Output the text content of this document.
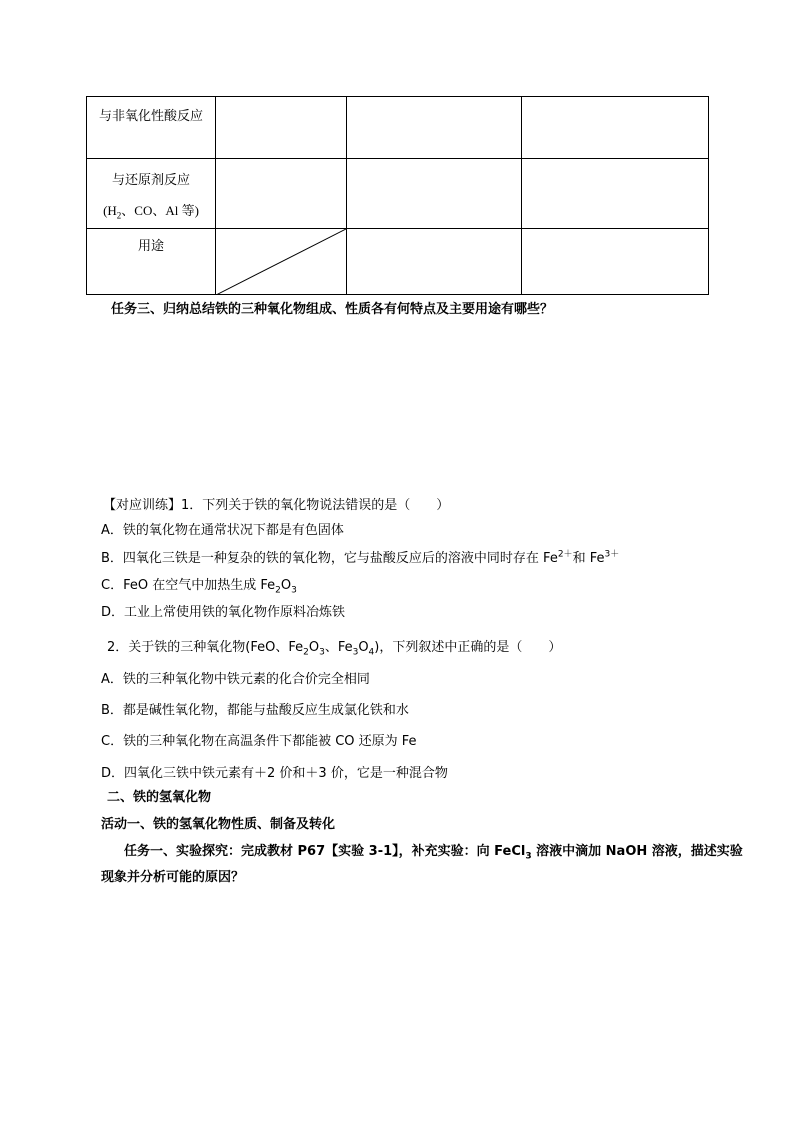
与非氧化性酸反应			

与还原剂反应
($H_2$、CO、Al 等)			

用途

任务三、归纳总结铁的三种氧化物组成、性质各有何特点及主要用途有哪些？
【对应训练】1．下列关于铁的氧化物说法错误的是（　　）
A．铁的氧化物在通常状况下都是有色固体
B．四氧化三铁是一种复杂的铁的氧化物，它与盐酸反应后的溶液中同时存在 $Fe^{2+}$和 $Fe^{3+}$
C．FeO 在空气中加热生成 $Fe_2O_3$
D．工业上常使用铁的氧化物作原料冶炼铁
2．关于铁的三种氧化物(FeO、$Fe_2O_3$、$Fe_3O_4$)，下列叙述中正确的是（　　）
A．铁的三种氧化物中铁元素的化合价完全相同
B．都是碱性氧化物，都能与盐酸反应生成氯化铁和水
C．铁的三种氧化物在高温条件下都能被 CO 还原为 Fe
D．四氧化三铁中铁元素有＋2 价和＋3 价，它是一种混合物
二、铁的氢氧化物
活动一、铁的氢氧化物性质、制备及转化
任务一、实验探究：完成教材 P67【实验 3-1】，补充实验：向 FeCl$_3$ 溶液中滴加 NaOH 溶液，描述实验
现象并分析可能的原因？
